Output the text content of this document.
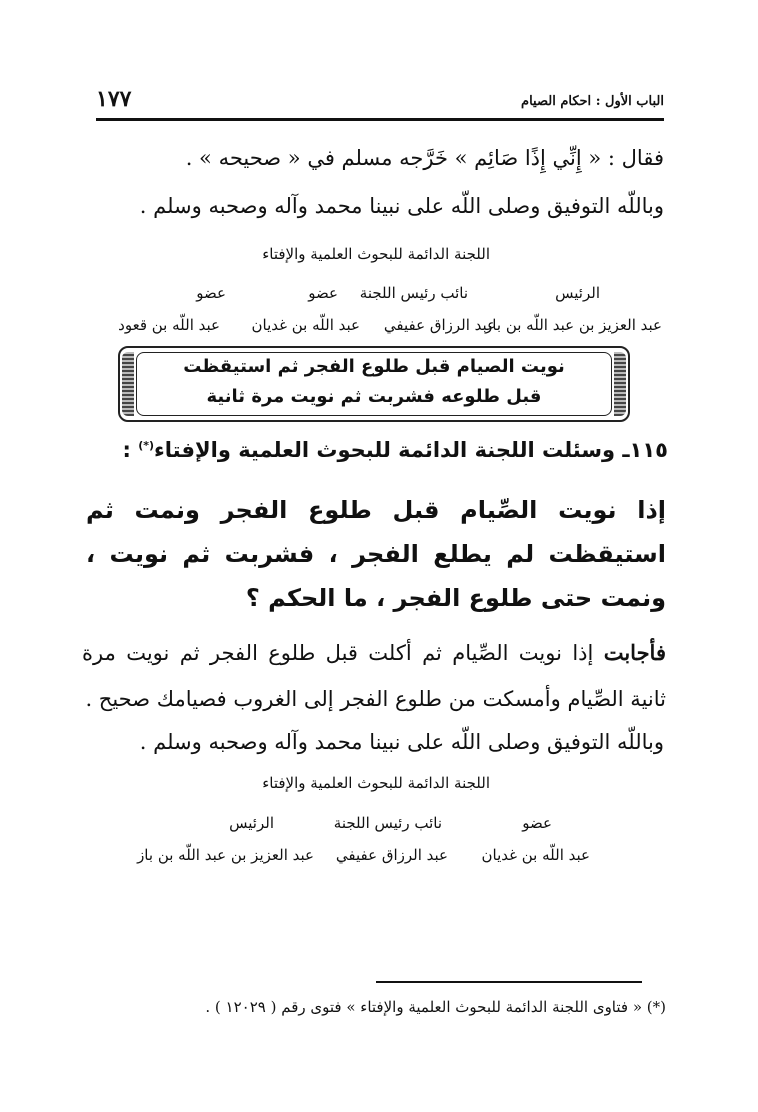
الباب الأول : احكام الصيام
١٧٧
فقال : « إِنِّي إِذًا صَائِم » خَرَّجه مسلم في « صحيحه » .
وباللّه التوفيق وصلى اللّه على نبينا محمد وآله وصحبه وسلم .
اللجنة الدائمة للبحوث العلمية والإفتاء
الرئيس
نائب رئيس اللجنة
عضو
عضو
عبد العزيز بن عبد اللّه بن باز
عبد الرزاق عفيفي
عبد اللّه بن غديان
عبد اللّه بن قعود
نويت الصيام قبل طلوع الفجر ثم استيقظت
قبل طلوعه فشربت ثم نويت مرة ثانية
١١٥ـ وسئلت اللجنة الدائمة للبحوث العلمية والإفتاء(*) :
إذا نويت الصِّيام قبل طلوع الفجر ونمت ثم استيقظت لم يطلع الفجر ، فشربت ثم نويت ، ونمت حتى طلوع الفجر ، ما الحكم ؟
فأجابت إذا نويت الصِّيام ثم أكلت قبل طلوع الفجر ثم نويت مرة ثانية الصِّيام وأمسكت من طلوع الفجر إلى الغروب فصيامك صحيح .
وباللّه التوفيق وصلى اللّه على نبينا محمد وآله وصحبه وسلم .
اللجنة الدائمة للبحوث العلمية والإفتاء
الرئيس	نائب رئيس اللجنة	عضو
عبد العزيز بن عبد اللّه بن باز عبد الرزاق عفيفي عبد اللّه بن غديان
(*) « فتاوى اللجنة الدائمة للبحوث العلمية والإفتاء » فتوى رقم ( ١٢٠٢٩ ) .
